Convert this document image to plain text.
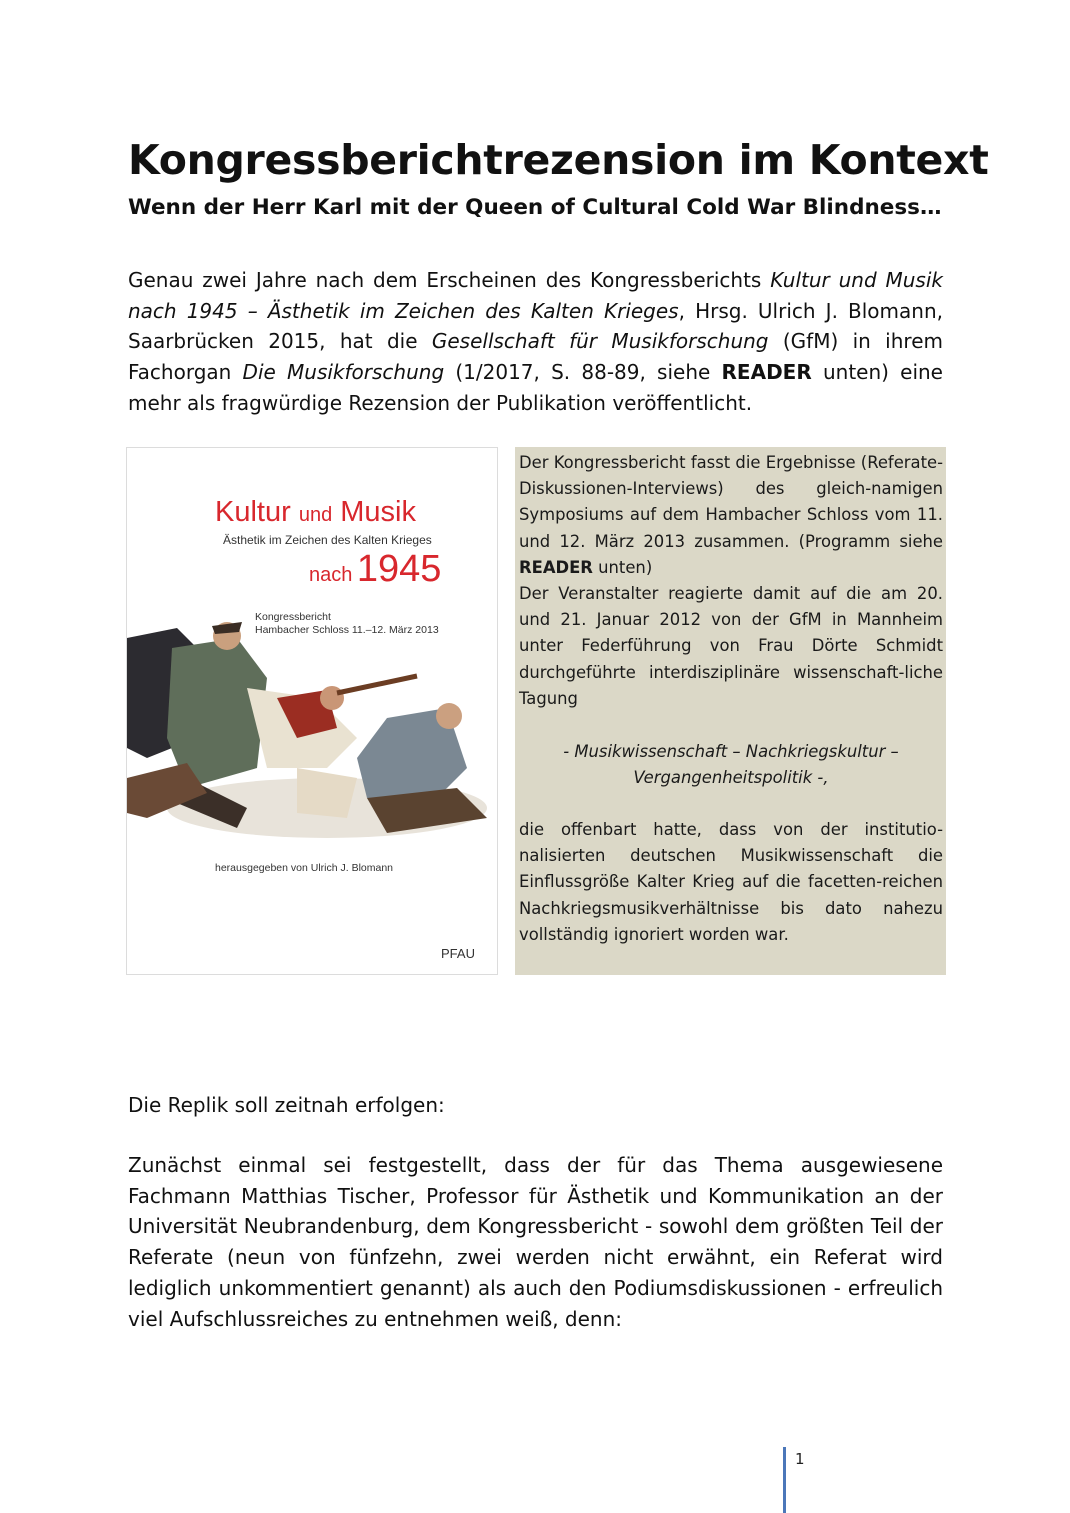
Kongressberichtrezension im Kontext
Wenn der Herr Karl mit der Queen of Cultural Cold War Blindness…
Genau zwei Jahre nach dem Erscheinen des Kongressberichts Kultur und Musik nach 1945 – Ästhetik im Zeichen des Kalten Krieges, Hrsg. Ulrich J. Blomann, Saarbrücken 2015, hat die Gesellschaft für Musikforschung (GfM) in ihrem Fachorgan Die Musikforschung (1/2017, S. 88-89, siehe READER unten) eine mehr als fragwürdige Rezension der Publikation veröffentlicht.
Kultur und Musik
Ästhetik im Zeichen des Kalten Krieges
nach 1945
Kongressbericht
Hambacher Schloss 11.–12. März 2013
herausgegeben von Ulrich J. Blomann
PFAU
Der Kongressbericht fasst die Ergebnisse (Referate-Diskussionen-Interviews) des gleich-namigen Symposiums auf dem Hambacher Schloss vom 11. und 12. März 2013 zusammen. (Programm siehe READER unten)
Der Veranstalter reagierte damit auf die am 20. und 21. Januar 2012 von der GfM in Mannheim unter Federführung von Frau Dörte Schmidt durchgeführte interdisziplinäre wissenschaft-liche Tagung
- Musikwissenschaft – Nachkriegskultur –
Vergangenheitspolitik -,
die offenbart hatte, dass von der institutio-nalisierten deutschen Musikwissenschaft die Einflussgröße Kalter Krieg auf die facetten-reichen Nachkriegsmusikverhältnisse bis dato nahezu vollständig ignoriert worden war.
Die Replik soll zeitnah erfolgen:
Zunächst einmal sei festgestellt, dass der für das Thema ausgewiesene Fachmann Matthias Tischer, Professor für Ästhetik und Kommunikation an der Universität Neubrandenburg, dem Kongressbericht - sowohl dem größten Teil der Referate (neun von fünfzehn, zwei werden nicht erwähnt, ein Referat wird lediglich unkommentiert genannt) als auch den Podiumsdiskussionen - erfreulich viel Aufschlussreiches zu entnehmen weiß, denn:
1
